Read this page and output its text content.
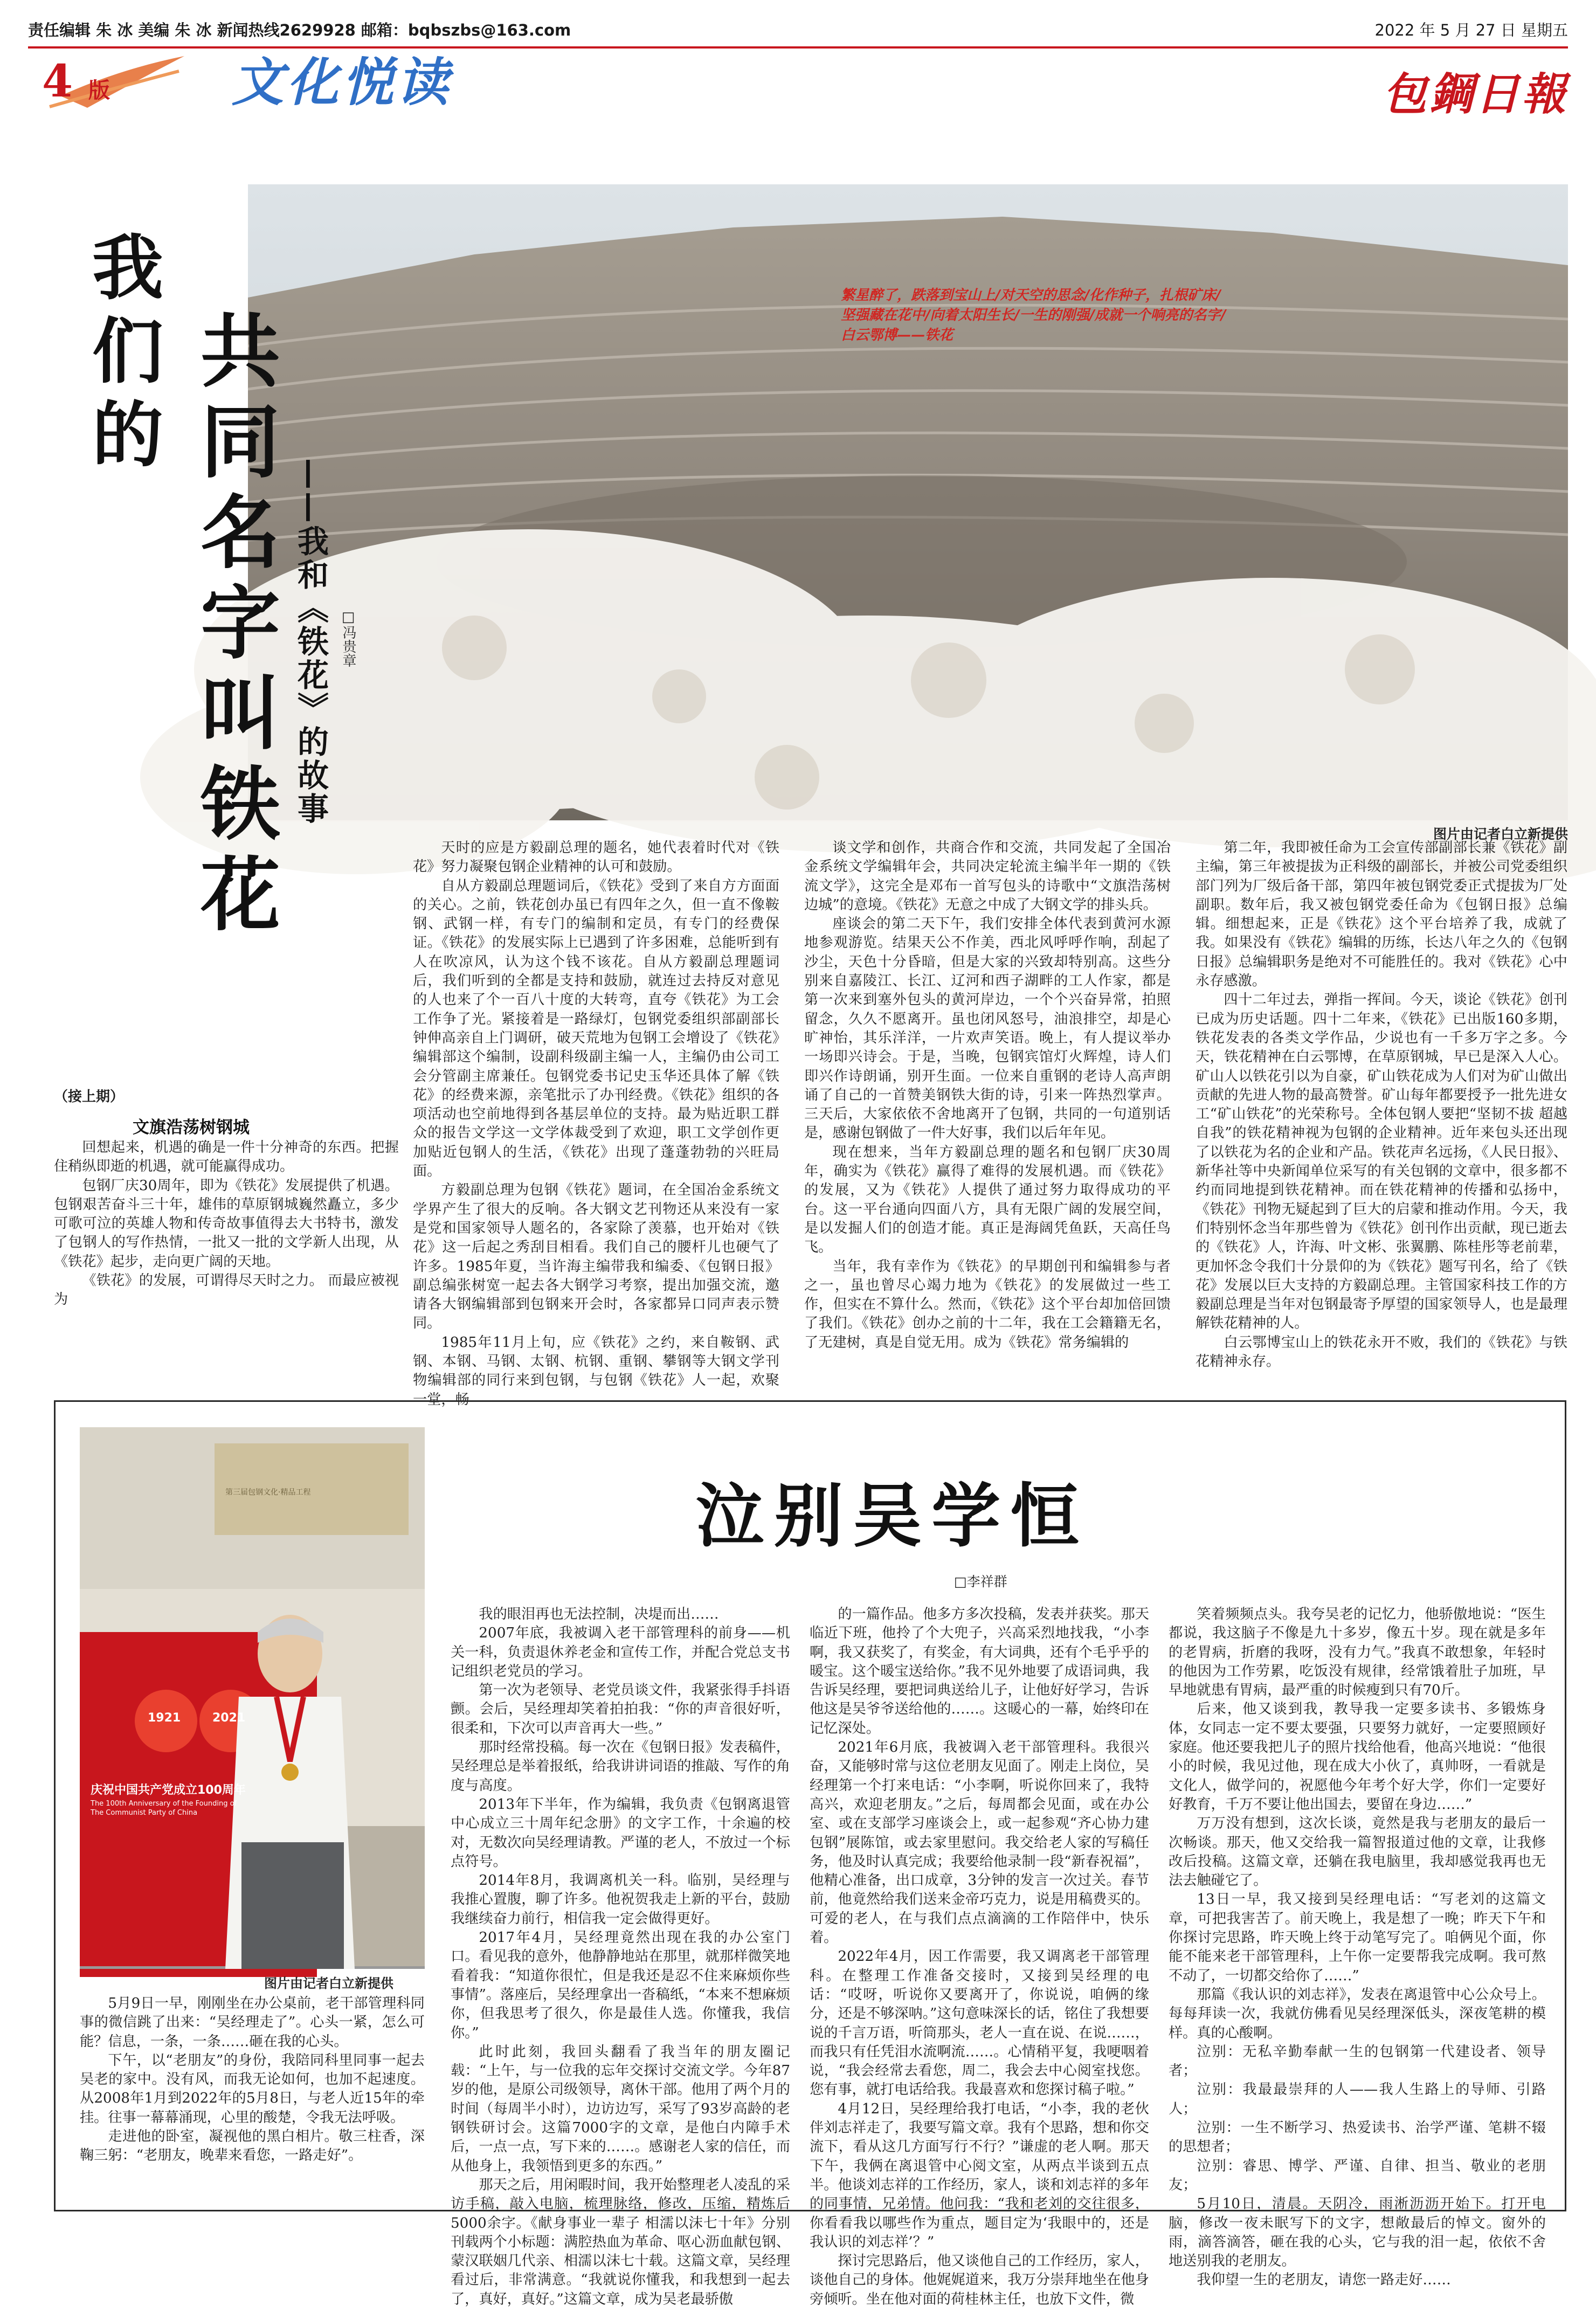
责任编辑 朱 冰 美编 朱 冰 新闻热线2629928 邮箱：bqbszbs@163.com	2022 年 5 月 27 日 星期五
4 版 文化悦读	包鋼日報
繁星醉了，跌落到宝山上/对天空的思念/化作种子，扎根矿床/
坚强藏在花中/向着太阳生长/一生的刚强/成就一个响亮的名字/
白云鄂博——铁花
我
们
的
共
同
名
字
叫
铁
花
——我和《铁花》的故事 □冯贵章
图片由记者白立新提供
（接上期）
文旗浩荡树钢城

回想起来，机遇的确是一件十分神奇的东西。把握住稍纵即逝的机遇，就可能赢得成功。

包钢厂庆30周年，即为《铁花》发展提供了机遇。包钢艰苦奋斗三十年，雄伟的草原钢城巍然矗立，多少可歌可泣的英雄人物和传奇故事值得去大书特书，激发了包钢人的写作热情，一批又一批的文学新人出现，从《铁花》起步，走向更广阔的天地。

《铁花》的发展，可谓得尽天时之力。 而最应被视为

天时的应是方毅副总理的题名，她代表着时代对《铁花》努力凝聚包钢企业精神的认可和鼓励。

自从方毅副总理题词后，《铁花》受到了来自方方面面的关心。之前，铁花创办虽已有四年之久，但一直不像鞍钢、武钢一样，有专门的编制和定员，有专门的经费保证。《铁花》的发展实际上已遇到了许多困难，总能听到有人在吹凉风，认为这个钱不该花。自从方毅副总理题词后，我们听到的全都是支持和鼓励，就连过去持反对意见的人也来了个一百八十度的大转弯，直夸《铁花》为工会工作争了光。紧接着是一路绿灯，包钢党委组织部副部长钟伸高亲自上门调研，破天荒地为包钢工会增设了《铁花》编辑部这个编制，设副科级副主编一人，主编仍由公司工会分管副主席兼任。包钢党委书记史玉华还具体了解《铁花》的经费来源，亲笔批示了办刊经费。《铁花》组织的各项活动也空前地得到各基层单位的支持。最为贴近职工群众的报告文学这一文学体裁受到了欢迎，职工文学创作更加贴近包钢人的生活，《铁花》出现了蓬蓬勃勃的兴旺局面。

方毅副总理为包钢《铁花》题词，在全国冶金系统文学界产生了很大的反响。各大钢文艺刊物还从来没有一家是党和国家领导人题名的，各家除了羡慕，也开始对《铁花》这一后起之秀刮目相看。我们自己的腰杆儿也硬气了许多。1985年夏，当许海主编带我和编委、《包钢日报》副总编张树宽一起去各大钢学习考察，提出加强交流，邀请各大钢编辑部到包钢来开会时，各家都异口同声表示赞同。

1985年11月上旬，应《铁花》之约，来自鞍钢、武钢、本钢、马钢、太钢、杭钢、重钢、攀钢等大钢文学刊物编辑部的同行来到包钢，与包钢《铁花》人一起，欢聚一堂，畅

谈文学和创作，共商合作和交流，共同发起了全国冶金系统文学编辑年会，共同决定轮流主编半年一期的《铁流文学》，这完全是邓布一首写包头的诗歌中“文旗浩荡树边城”的意境。《铁花》无意之中成了大钢文学的排头兵。

座谈会的第二天下午，我们安排全体代表到黄河水源地参观游览。结果天公不作美，西北风呼呼作响，刮起了沙尘，天色十分昏暗，但是大家的兴致却特别高。这些分别来自嘉陵江、长江、辽河和西子湖畔的工人作家，都是第一次来到塞外包头的黄河岸边，一个个兴奋异常，拍照留念，久久不愿离开。虽也闭风怒号，油浪排空，却是心旷神怡，其乐洋洋，一片欢声笑语。晚上，有人提议举办一场即兴诗会。于是，当晚，包钢宾馆灯火辉煌，诗人们即兴作诗朗诵，别开生面。一位来自重钢的老诗人高声朗诵了自己的一首赞美钢铁大街的诗，引来一阵热烈掌声。三天后，大家依依不舍地离开了包钢，共同的一句道别话是，感谢包钢做了一件大好事，我们以后年年见。

现在想来，当年方毅副总理的题名和包钢厂庆30周年，确实为《铁花》赢得了难得的发展机遇。而《铁花》的发展，又为《铁花》人提供了通过努力取得成功的平台。这一平台通向四面八方，具有无限广阔的发展空间，是以发掘人们的创造才能。真正是海阔凭鱼跃，天高任鸟飞。

当年，我有幸作为《铁花》的早期创刊和编辑参与者之一，虽也曾尽心竭力地为《铁花》的发展做过一些工作，但实在不算什么。然而，《铁花》这个平台却加倍回馈了我们。《铁花》创办之前的十二年，我在工会籍籍无名，了无建树，真是自觉无用。成为《铁花》常务编辑的

第二年，我即被任命为工会宣传部副部长兼《铁花》副主编，第三年被提拔为正科级的副部长，并被公司党委组织部门列为厂级后备干部，第四年被包钢党委正式提拔为厂处副职。数年后，我又被包钢党委任命为《包钢日报》总编辑。细想起来，正是《铁花》这个平台培养了我，成就了我。如果没有《铁花》编辑的历练，长达八年之久的《包钢日报》总编辑职务是绝对不可能胜任的。我对《铁花》心中永存感激。

四十二年过去，弹指一挥间。今天，谈论《铁花》创刊已成为历史话题。四十二年来，《铁花》已出版160多期，铁花发表的各类文学作品，少说也有一千多万字之多。今天，铁花精神在白云鄂博，在草原钢城，早已是深入人心。矿山人以铁花引以为自豪，矿山铁花成为人们对为矿山做出贡献的先进人物的最高赞誉。矿山每年都要授予一批先进女工“矿山铁花”的光荣称号。全体包钢人要把“坚韧不拔 超越自我”的铁花精神视为包钢的企业精神。近年来包头还出现了以铁花为名的企业和产品。铁花声名远扬，《人民日报》、新华社等中央新闻单位采写的有关包钢的文章中，很多都不约而同地提到铁花精神。而在铁花精神的传播和弘扬中，《铁花》刊物无疑起到了巨大的启蒙和推动作用。今天，我们特别怀念当年那些曾为《铁花》创刊作出贡献，现已逝去的《铁花》人，许海、叶文彬、张翼鹏、陈桂彤等老前辈，更加怀念令我们十分景仰的为《铁花》题写刊名，给了《铁花》发展以巨大支持的方毅副总理。主管国家科技工作的方毅副总理是当年对包钢最寄予厚望的国家领导人，也是最理解铁花精神的人。

白云鄂博宝山上的铁花永开不败，我们的《铁花》与铁花精神永存。

1921	2021
庆祝中国共产党成立100周年
The 100th Anniversary of the Founding of The Communist Party of China
第三届包钢文化·精品工程
图片由记者白立新提供
泣别吴学恒
□李祥群

5月9日一早，刚刚坐在办公桌前，老干部管理科同事的微信跳了出来：“吴经理走了”。心头一紧，怎么可能？信息，一条，一条……砸在我的心头。

下午，以“老朋友”的身份，我陪同科里同事一起去吴老的家中。没有风，而我无论如何，也加不起速度。从2008年1月到2022年的5月8日，与老人近15年的牵挂。往事一幕幕涌现，心里的酸楚，令我无法呼吸。

走进他的卧室，凝视他的黑白相片。敬三柱香，深鞠三躬：“老朋友，晚辈来看您，一路走好”。

我的眼泪再也无法控制，决堤而出……

2007年底，我被调入老干部管理科的前身——机关一科，负责退休养老金和宣传工作，并配合党总支书记组织老党员的学习。

第一次为老领导、老党员谈文件，我紧张得手抖语颤。会后，吴经理却笑着拍拍我：“你的声音很好听，很柔和，下次可以声音再大一些。”

那时经常投稿。每一次在《包钢日报》发表稿件，吴经理总是举着报纸，给我讲讲词语的推敲、写作的角度与高度。

2013年下半年，作为编辑，我负责《包钢离退管中心成立三十周年纪念册》的文字工作，十余遍的校对，无数次向吴经理请教。严谨的老人，不放过一个标点符号。

2014年8月，我调离机关一科。临别，吴经理与我推心置腹，聊了许多。他祝贺我走上新的平台，鼓励我继续奋力前行，相信我一定会做得更好。

2017年4月，吴经理竟然出现在我的办公室门口。看见我的意外，他静静地站在那里，就那样微笑地看着我：“知道你很忙，但是我还是忍不住来麻烦你些事情”。落座后，吴经理拿出一沓稿纸，“本来不想麻烦你，但我思考了很久，你是最佳人选。你懂我，我信你。”

此时此刻，我回头翻看了我当年的朋友圈记载：“上午，与一位我的忘年交探讨交流文学。今年87岁的他，是原公司级领导，离休干部。他用了两个月的时间（每周半小时），边访边写，采写了93岁高龄的老钢铁研讨会。这篇7000字的文章，是他白内障手术后，一点一点，写下来的……。感谢老人家的信任，而从他身上，我领悟到更多的东西。”

那天之后，用闲暇时间，我开始整理老人凌乱的采访手稿，敲入电脑，梳理脉络，修改，压缩，精炼后5000余字。《献身事业一辈子 相濡以沫七十年》分别刊载两个小标题：满腔热血为革命、呕心沥血献包钢、蒙汉联姻几代亲、相濡以沫七十载。这篇文章，吴经理看过后，非常满意。“我就说你懂我，和我想到一起去了，真好，真好。”这篇文章，成为吴老最骄傲

的一篇作品。他多方多次投稿，发表并获奖。那天临近下班，他拎了个大兜子，兴高采烈地找我，“小李啊，我又获奖了，有奖金，有大词典，还有个毛乎乎的暖宝。这个暖宝送给你。”我不见外地要了成语词典，我告诉吴经理，要把词典送给儿子，让他好好学习，告诉他这是吴爷爷送给他的……。这暖心的一幕，始终印在记忆深处。

2021年6月底，我被调入老干部管理科。我很兴奋，又能够时常与这位老朋友见面了。刚走上岗位，吴经理第一个打来电话：“小李啊，听说你回来了，我特高兴，欢迎老朋友。”之后，每周都会见面，或在办公室、或在支部学习座谈会上，或一起参观“齐心协力建包钢”展陈馆，或去家里慰问。我交给老人家的写稿任务，他及时认真完成；我要给他录制一段“新春祝福”，他精心准备，出口成章，3分钟的发言一次过关。春节前，他竟然给我们送来金帝巧克力，说是用稿费买的。可爱的老人，在与我们点点滴滴的工作陪伴中，快乐着。

2022年4月，因工作需要，我又调离老干部管理科。在整理工作准备交接时，又接到吴经理的电话：“哎呀，听说你又要离开了，你说说，咱俩的缘分，还是不够深呐。”这句意味深长的话，铭住了我想要说的千言万语，听筒那头，老人一直在说、在说……，而我只有任凭泪水流啊流……。心情稍平复，我哽咽着说，“我会经常去看您，周二，我会去中心阅室找您。您有事，就打电话给我。我最喜欢和您探讨稿子啦。”

4月12日，吴经理给我打电话，“小李，我的老伙伴刘志祥走了，我要写篇文章。我有个思路，想和你交流下，看从这几方面写行不行？”谦虚的老人啊。那天下午，我俩在离退管中心阅文室，从两点半谈到五点半。他谈刘志祥的工作经历，家人，谈和刘志祥的多年的同事情，兄弟情。他问我：“我和老刘的交往很多，你看看我以哪些作为重点，题目定为‘我眼中的，还是我认识的刘志祥’？”

探讨完思路后，他又谈他自己的工作经历，家人，谈他自己的身体。他娓娓道来，我万分崇拜地坐在他身旁倾听。坐在他对面的荷桂林主任，也放下文件，微

笑着频频点头。我夸吴老的记忆力，他骄傲地说：“医生都说，我这脑子不像是九十多岁，像五十岁。现在就是多年的老胃病，折磨的我呀，没有力气。”我真不敢想象，年轻时的他因为工作劳累，吃饭没有规律，经常饿着肚子加班，早早地就患有胃病，最严重的时候瘦到只有70斤。

后来，他又谈到我，教导我一定要多读书、多锻炼身体，女同志一定不要太要强，只要努力就好，一定要照顾好家庭。他还要我把儿子的照片找给他看，他高兴地说：“他很小的时候，我见过他，现在成大小伙了，真帅呀，一看就是文化人，做学问的，祝愿他今年考个好大学，你们一定要好好教育，千万不要让他出国去，要留在身边……”

万万没有想到，这次长谈，竟然是我与老朋友的最后一次畅谈。那天，他又交给我一篇智报道过他的文章，让我修改后投稿。这篇文章，还躺在我电脑里，我却感觉我再也无法去触碰它了。

13日一早，我又接到吴经理电话：“写老刘的这篇文章，可把我害苦了。前天晚上，我是想了一晚；昨天下午和你探讨完思路，昨天晚上终于动笔写完了。咱俩见个面，你能不能来老干部管理科，上午你一定要帮我完成啊。我可熬不动了，一切都交给你了……”

那篇《我认识的刘志祥》，发表在离退管中心公众号上。每每拜读一次，我就仿佛看见吴经理深低头，深夜笔耕的模样。真的心酸啊。

泣别：无私辛勤奉献一生的包钢第一代建设者、领导者；

泣别：我最最崇拜的人——我人生路上的导师、引路人；

泣别：一生不断学习、热爱读书、治学严谨、笔耕不辍的思想者；

泣别：睿思、博学、严谨、自律、担当、敬业的老朋友；

5月10日，清晨。天阴冷，雨淅沥沥开始下。打开电脑，修改一夜未眠写下的文字，想敞最后的悼文。窗外的雨，滴答滴答，砸在我的心头，它与我的泪一起，依依不舍地送别我的老朋友。

我仰望一生的老朋友，请您一路走好……
